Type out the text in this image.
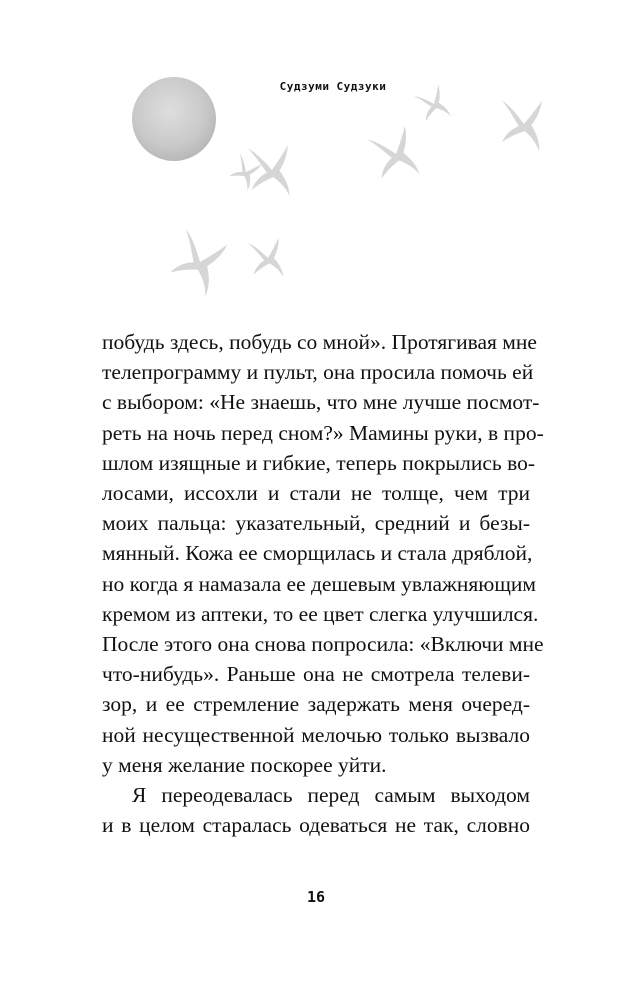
Судзуми Судзуки
побудь здесь, побудь со мной». Протягивая мне
телепрограмму и пульт, она просила помочь ей
с выбором: «Не знаешь, что мне лучше посмот-
реть на ночь перед сном?» Мамины руки, в про-
шлом изящные и гибкие, теперь покрылись во-
лосами, иссохли и стали не толще, чем три
моих пальца: указательный, средний и безы-
мянный. Кожа ее сморщилась и стала дряблой,
но когда я намазала ее дешевым увлажняющим
кремом из аптеки, то ее цвет слегка улучшился.
После этого она снова попросила: «Включи мне
что-нибудь». Раньше она не смотрела телеви-
зор, и ее стремление задержать меня очеред-
ной несущественной мелочью только вызвало
у меня желание поскорее уйти.
Я переодевалась перед самым выходом
и в целом старалась одеваться не так, словно
16
